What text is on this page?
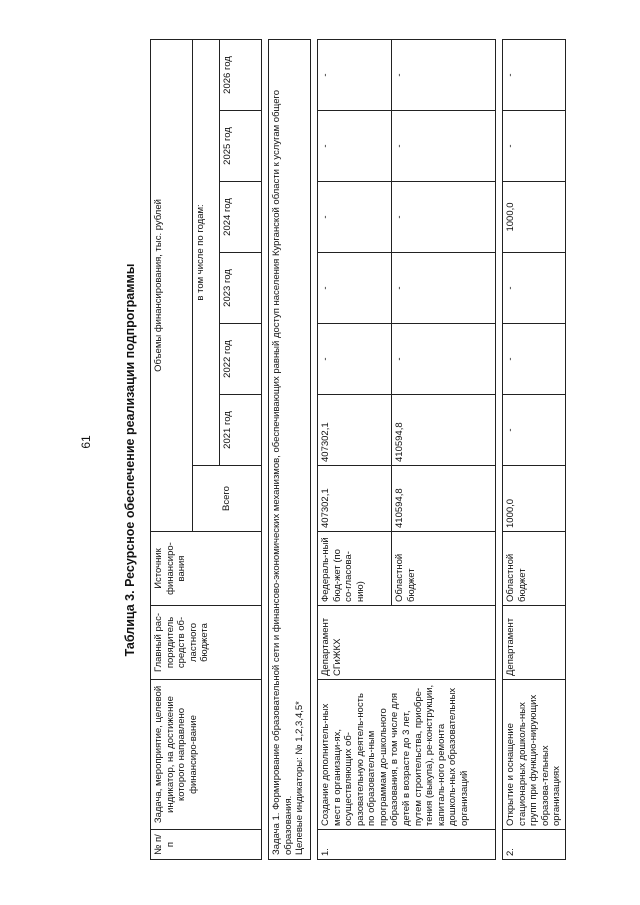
61 Таблица 3. Ресурсное обеспечение реализации подпрограммы
№ п/п	Задача, мероприятие, целевой индикатор, на достижение которого направлено финансиро-вание	Главный рас-порядитель средств об-ластного бюджета	Источник финансиро-вания	Объемы финансирования, тыс. рублей						
				Всего	в том числе по годам:					
					2021 год	2022 год	2023 год	2024 год	2025 год	2026 год

Задача 1. Формирование образовательной сети и финансово-экономических механизмов, обеспечивающих равный доступ населения Курганской области к услугам общего образования. Целевые индикаторы: № 1,2,3,4,5*										

1.	Создание дополнитель-ных мест в организаци-ях, осуществляющих об-разовательную деятель-ность по образователь-ным программам до-школьного образования, в том числе для детей в возрасте до 3 лет, путем строительства, приобре-тения (выкупа), ре-конструкции, капиталь-ного ремонта дошколь-ных образовательных организаций	Департамент СГиЖКХ	Федераль-ный бюд-жет (по со-гласова-нию)	407302,1	407302,1	-	-	-	-	-
			Областной бюджет	410594,8	410594,8	-	-	-	-	-

2.	Открытие и оснащение стационарных дошколь-ных групп при функцио-нирующих образова-тельных организациях	Департамент	Областной бюджет	1000,0	-	-	-	1000,0	-	-
